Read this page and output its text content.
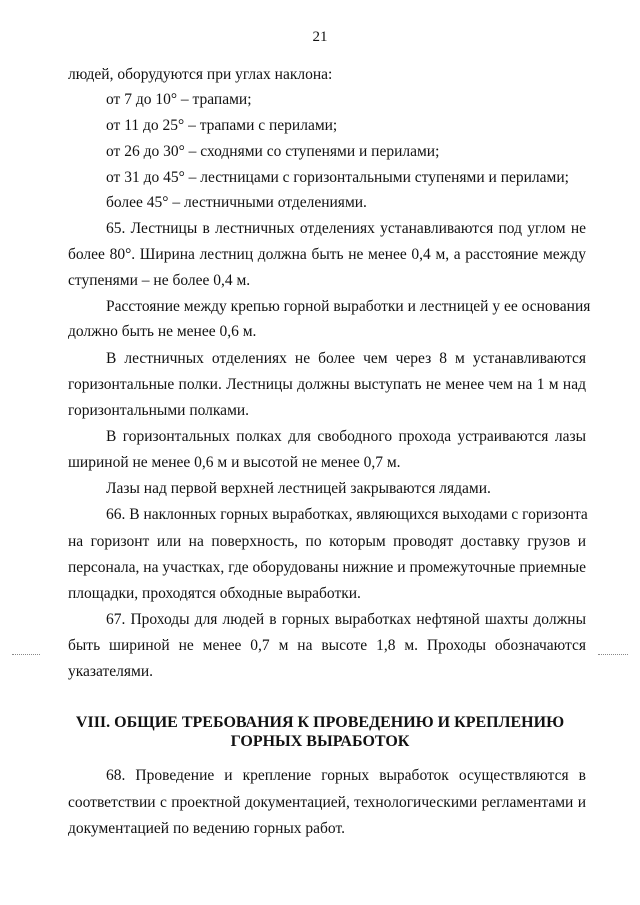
21
людей, оборудуются при углах наклона:
от 7 до 10° – трапами;
от 11 до 25° – трапами с перилами;
от 26 до 30° – сходнями со ступенями и перилами;
от 31 до 45° – лестницами с горизонтальными ступенями и перилами;
более 45° – лестничными отделениями.
65. Лестницы в лестничных отделениях устанавливаются под углом не
более 80°. Ширина лестниц должна быть не менее 0,4 м, а расстояние между
ступенями – не более 0,4 м.
Расстояние между крепью горной выработки и лестницей у ее основания
должно быть не менее 0,6 м.
В лестничных отделениях не более чем через 8 м устанавливаются
горизонтальные полки. Лестницы должны выступать не менее чем на 1 м над
горизонтальными полками.
В горизонтальных полках для свободного прохода устраиваются лазы
шириной не менее 0,6 м и высотой не менее 0,7 м.
Лазы над первой верхней лестницей закрываются лядами.
66. В наклонных горных выработках, являющихся выходами с горизонта
на горизонт или на поверхность, по которым проводят доставку грузов и
персонала, на участках, где оборудованы нижние и промежуточные приемные
площадки, проходятся обходные выработки.
67. Проходы для людей в горных выработках нефтяной шахты должны
быть шириной не менее 0,7 м на высоте 1,8 м. Проходы обозначаются
указателями.
VIII. ОБЩИЕ ТРЕБОВАНИЯ К ПРОВЕДЕНИЮ И КРЕПЛЕНИЮ
ГОРНЫХ ВЫРАБОТОК
68. Проведение и крепление горных выработок осуществляются в
соответствии с проектной документацией, технологическими регламентами и
документацией по ведению горных работ.
